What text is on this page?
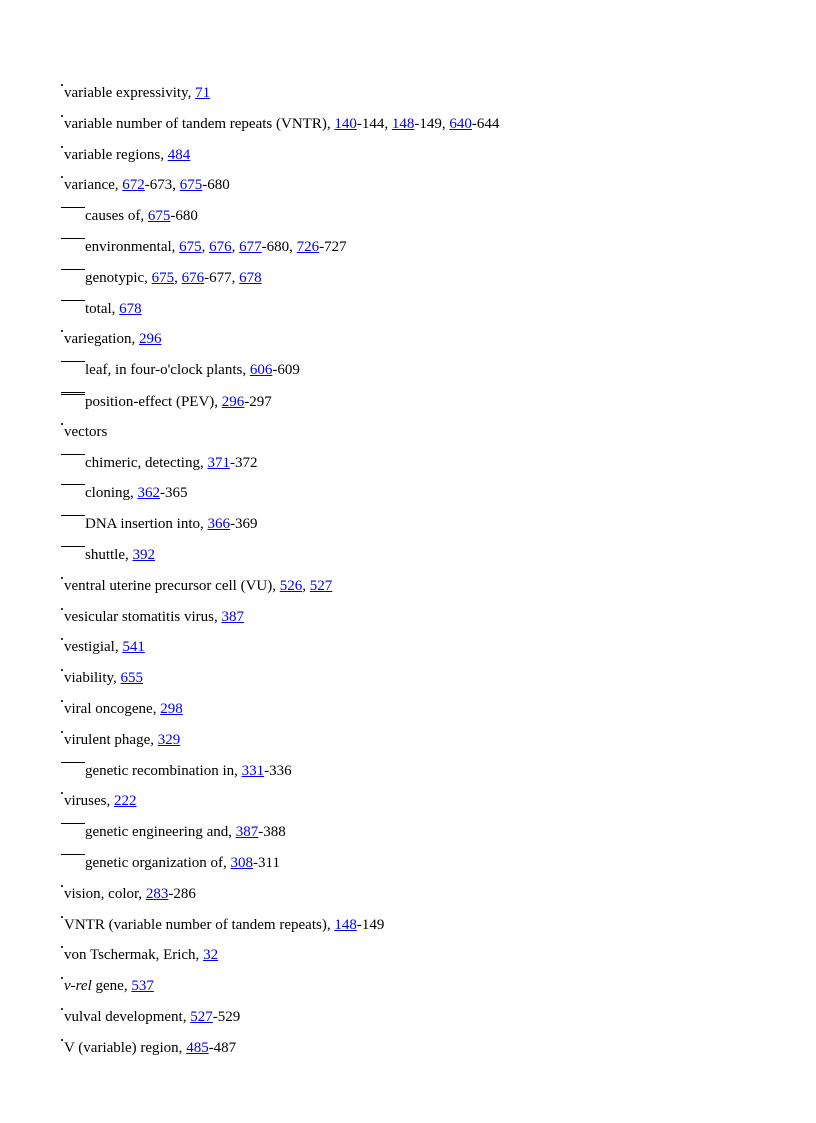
variable expressivity, 71
variable number of tandem repeats (VNTR), 140-144, 148-149, 640-644
variable regions, 484
variance, 672-673, 675-680
causes of, 675-680
environmental, 675, 676, 677-680, 726-727
genotypic, 675, 676-677, 678
total, 678
variegation, 296
leaf, in four-o'clock plants, 606-609
position-effect (PEV), 296-297
vectors
chimeric, detecting, 371-372
cloning, 362-365
DNA insertion into, 366-369
shuttle, 392
ventral uterine precursor cell (VU), 526, 527
vesicular stomatitis virus, 387
vestigial, 541
viability, 655
viral oncogene, 298
virulent phage, 329
genetic recombination in, 331-336
viruses, 222
genetic engineering and, 387-388
genetic organization of, 308-311
vision, color, 283-286
VNTR (variable number of tandem repeats), 148-149
von Tschermak, Erich, 32
v-rel gene, 537
vulval development, 527-529
V (variable) region, 485-487
